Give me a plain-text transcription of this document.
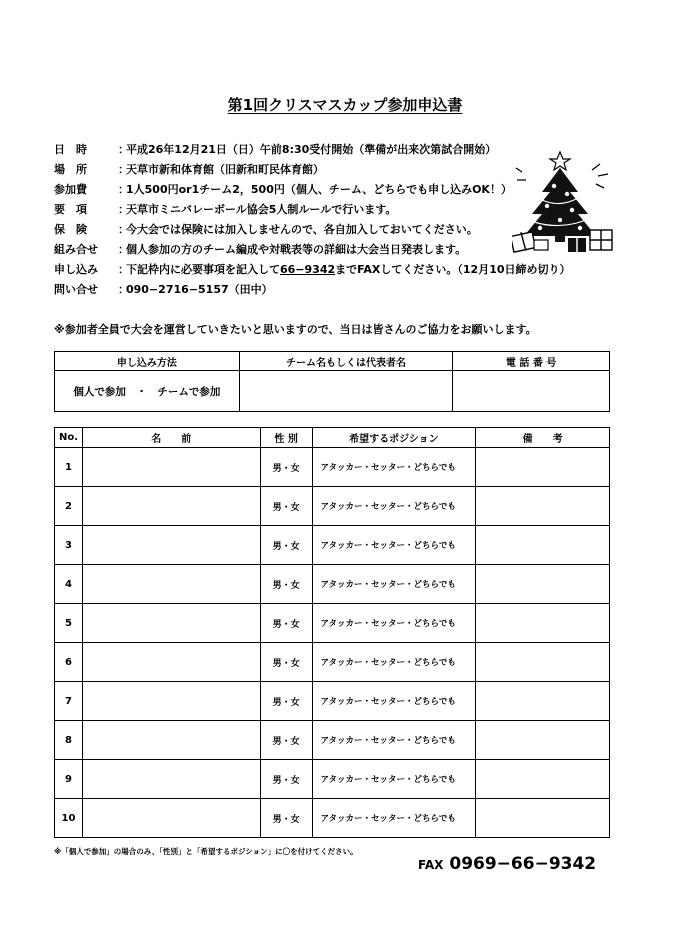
第1回クリスマスカップ参加申込書
日　時	：
平成26年12月21日（日）午前8:30受付開始（準備が出来次第試合開始）
場　所	：
天草市新和体育館（旧新和町民体育館）
参加費	：
1人500円or1チーム2，500円（個人、チーム、どちらでも申し込みOK！）
要　項	：
天草市ミニバレーボール協会5人制ルールで行います。
保　険	：
今大会では保険には加入しませんので、各自加入しておいてください。
組み合せ	：
個人参加の方のチーム編成や対戦表等の詳細は大会当日発表します。
申し込み	：
下記枠内に必要事項を記入して66−9342までFAXしてください。（12月10日締め切り）
問い合せ	：
090−2716−5157（田中）
※参加者全員で大会を運営していきたいと思いますので、当日は皆さんのご協力をお願いします。
申し込み方法	チーム名もしくは代表者名	電 話 番 号
個人で参加　・　チームで参加		
No.	名　　前	性 別	希望するポジション	備　　考
1		男・女	アタッカー・セッター・どちらでも	
2		男・女	アタッカー・セッター・どちらでも	
3		男・女	アタッカー・セッター・どちらでも	
4		男・女	アタッカー・セッター・どちらでも	
5		男・女	アタッカー・セッター・どちらでも	
6		男・女	アタッカー・セッター・どちらでも	
7		男・女	アタッカー・セッター・どちらでも	
8		男・女	アタッカー・セッター・どちらでも	
9		男・女	アタッカー・セッター・どちらでも	
10		男・女	アタッカー・セッター・どちらでも	
※「個人で参加」の場合のみ、「性別」と「希望するポジション」に〇を付けてください。
FAX 0969−66−9342
